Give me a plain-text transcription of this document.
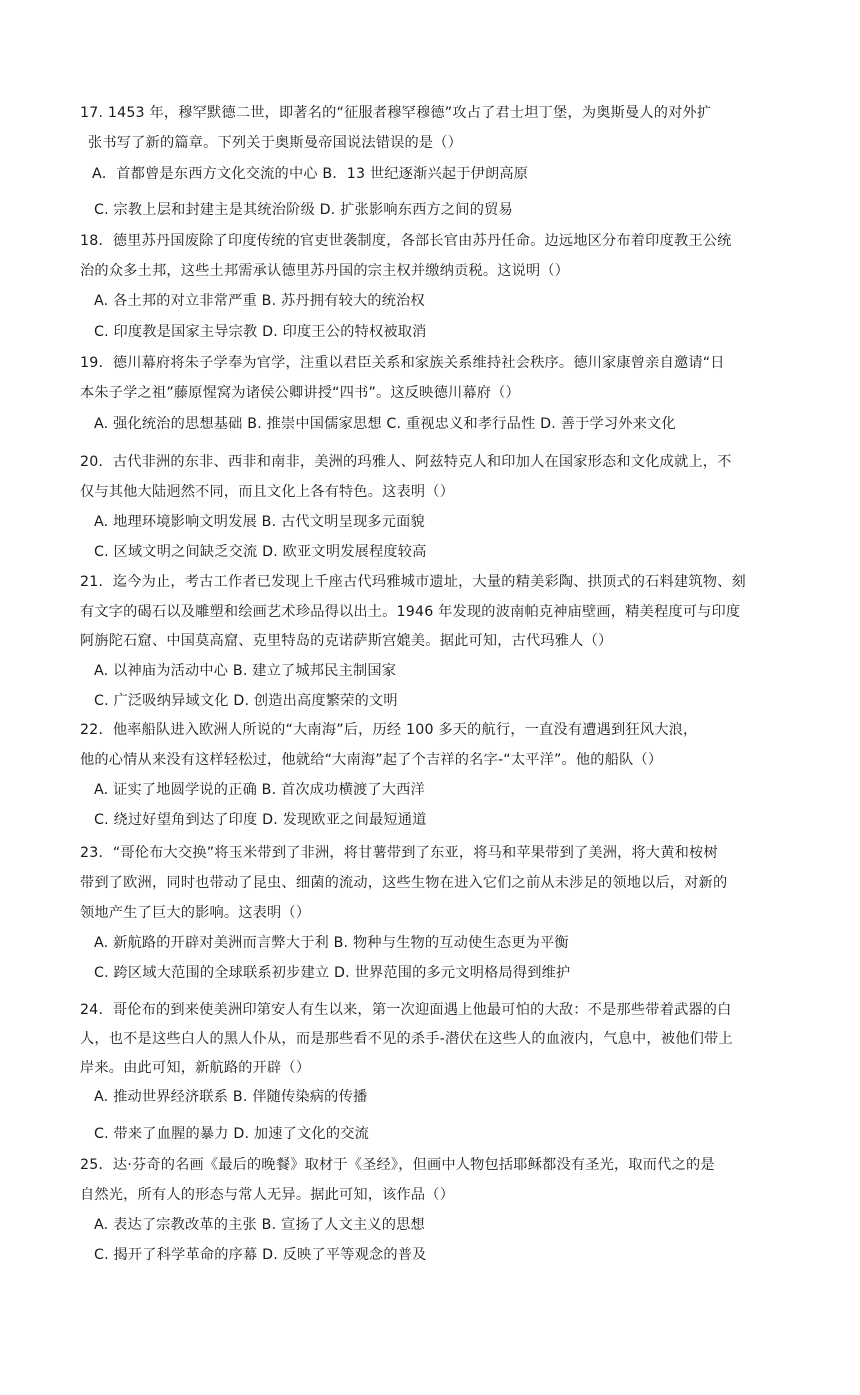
17. 1453 年，穆罕默德二世，即著名的“征服者穆罕穆德”攻占了君士坦丁堡，为奥斯曼人的对外扩
张书写了新的篇章。下列关于奥斯曼帝国说法错误的是（）
A．首都曾是东西方文化交流的中心 B．13 世纪逐渐兴起于伊朗高原
C. 宗教上层和封建主是其统治阶级 D. 扩张影响东西方之间的贸易
18．德里苏丹国废除了印度传统的官吏世袭制度，各部长官由苏丹任命。边远地区分布着印度教王公统
治的众多土邦，这些土邦需承认德里苏丹国的宗主权并缴纳贡税。这说明（）
A. 各土邦的对立非常严重 B. 苏丹拥有较大的统治权
C. 印度教是国家主导宗教 D. 印度王公的特权被取消
19．德川幕府将朱子学奉为官学，注重以君臣关系和家族关系维持社会秩序。德川家康曾亲自邀请“日
本朱子学之祖”藤原惺窝为诸侯公卿讲授“四书”。这反映德川幕府（）
A. 强化统治的思想基础 B. 推崇中国儒家思想 C. 重视忠义和孝行品性 D. 善于学习外来文化
20．古代非洲的东非、西非和南非，美洲的玛雅人、阿兹特克人和印加人在国家形态和文化成就上，不
仅与其他大陆迥然不同，而且文化上各有特色。这表明（）
A. 地理环境影响文明发展 B. 古代文明呈现多元面貌
C. 区域文明之间缺乏交流 D. 欧亚文明发展程度较高
21．迄今为止，考古工作者已发现上千座古代玛雅城市遗址，大量的精美彩陶、拱顶式的石料建筑物、刻
有文字的碣石以及雕塑和绘画艺术珍品得以出土。1946 年发现的波南帕克神庙壁画，精美程度可与印度
阿旃陀石窟、中国莫高窟、克里特岛的克诺萨斯宫媲美。据此可知，古代玛雅人（）
A. 以神庙为活动中心 B. 建立了城邦民主制国家
C. 广泛吸纳异域文化 D. 创造出高度繁荣的文明
22．他率船队进入欧洲人所说的“大南海”后，历经 100 多天的航行，一直没有遭遇到狂风大浪，
他的心情从来没有这样轻松过，他就给“大南海”起了个吉祥的名字-“太平洋”。他的船队（）
A. 证实了地圆学说的正确 B. 首次成功横渡了大西洋
C. 绕过好望角到达了印度 D. 发现欧亚之间最短通道
23．“哥伦布大交换”将玉米带到了非洲，将甘薯带到了东亚，将马和苹果带到了美洲，将大黄和桉树
带到了欧洲，同时也带动了昆虫、细菌的流动，这些生物在进入它们之前从未涉足的领地以后，对新的
领地产生了巨大的影响。这表明（）
A. 新航路的开辟对美洲而言弊大于利 B. 物种与生物的互动使生态更为平衡
C. 跨区域大范围的全球联系初步建立 D. 世界范围的多元文明格局得到维护
24．哥伦布的到来使美洲印第安人有生以来，第一次迎面遇上他最可怕的大敌：不是那些带着武器的白
人，也不是这些白人的黑人仆从，而是那些看不见的杀手-潜伏在这些人的血液内，气息中，被他们带上
岸来。由此可知，新航路的开辟（）
A. 推动世界经济联系 B. 伴随传染病的传播
C. 带来了血腥的暴力 D. 加速了文化的交流
25．达·芬奇的名画《最后的晚餐》取材于《圣经》，但画中人物包括耶稣都没有圣光，取而代之的是
自然光，所有人的形态与常人无异。据此可知，该作品（）
A. 表达了宗教改革的主张 B. 宣扬了人文主义的思想
C. 揭开了科学革命的序幕 D. 反映了平等观念的普及
